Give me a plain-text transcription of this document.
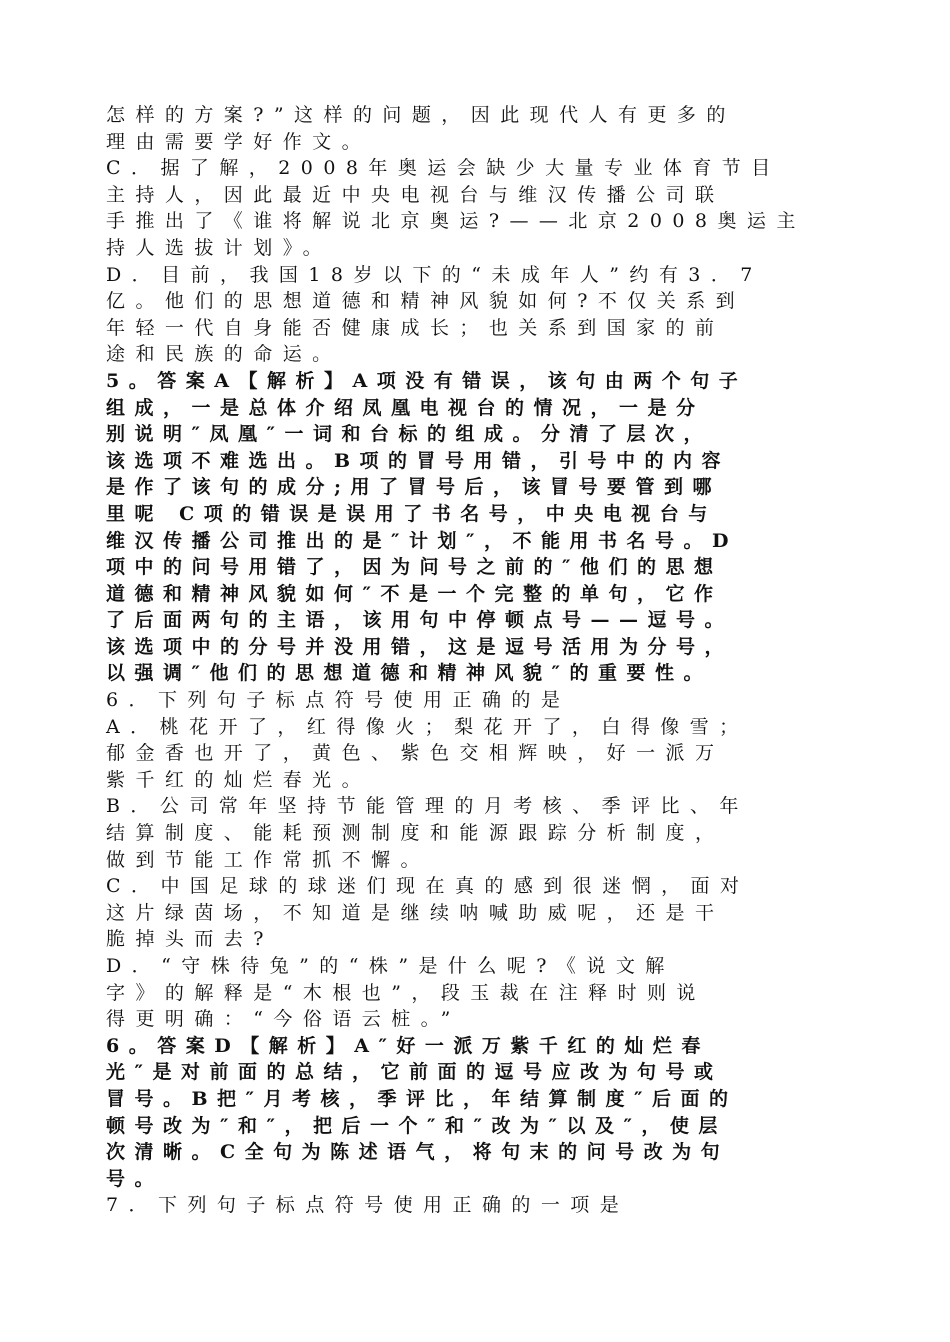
怎样的方案?”这样的问题，因此现代人有更多的
理由需要学好作文。
C．据了解，2008年奥运会缺少大量专业体育节目
主持人，因此最近中央电视台与维汉传播公司联
手推出了《谁将解说北京奥运?——北京2008奥运主
持人选拔计划》。
D．目前，我国18岁以下的“未成年人”约有3．7
亿。他们的思想道德和精神风貌如何?不仅关系到
年轻一代自身能否健康成长；也关系到国家的前
途和民族的命运。
5。答案A【解析】A项没有错误，该句由两个句子
组成，一是总体介绍凤凰电视台的情况，一是分
别说明″凤凰″一词和台标的组成。分清了层次，
该选项不难选出。B项的冒号用错，引号中的内容
是作了该句的成分;用了冒号后，该冒号要管到哪
里呢 C项的错误是误用了书名号，中央电视台与
维汉传播公司推出的是″计划″，不能用书名号。D
项中的问号用错了，因为问号之前的″他们的思想
道德和精神风貌如何″不是一个完整的单句，它作
了后面两句的主语，该用句中停顿点号——逗号。
该选项中的分号并没用错，这是逗号活用为分号，
以强调″他们的思想道德和精神风貌″的重要性。
6．下列句子标点符号使用正确的是
A．桃花开了，红得像火；梨花开了，白得像雪；
郁金香也开了，黄色、紫色交相辉映，好一派万
紫千红的灿烂春光。
B．公司常年坚持节能管理的月考核、季评比、年
结算制度、能耗预测制度和能源跟踪分析制度，
做到节能工作常抓不懈。
C．中国足球的球迷们现在真的感到很迷惘，面对
这片绿茵场，不知道是继续呐喊助威呢，还是干
脆掉头而去?
D．“守株待兔”的“株”是什么呢?《说文解
字》的解释是“木根也”，段玉裁在注释时则说
得更明确：“今俗语云桩。”
6。答案D【解析】A″好一派万紫千红的灿烂春
光″是对前面的总结，它前面的逗号应改为句号或
冒号。B把″月考核，季评比，年结算制度″后面的
顿号改为″和″，把后一个″和″改为″以及″，使层
次清晰。C全句为陈述语气，将句末的问号改为句
号。
7．下列句子标点符号使用正确的一项是
